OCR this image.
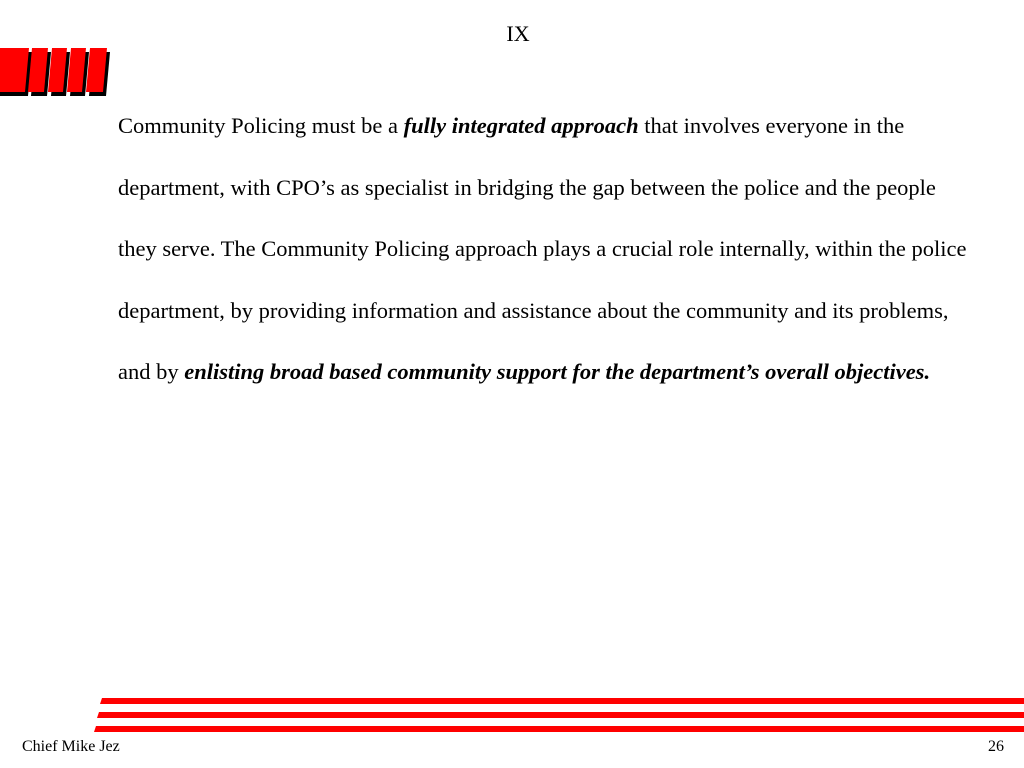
IX
Community Policing must be a fully integrated approach that involves everyone in the department, with CPO’s as specialist in bridging the gap between the police and the people they serve. The Community Policing approach plays a crucial role internally, within the police department, by providing information and assistance about the community and its problems, and by enlisting broad based community support for the department’s overall objectives.
Chief Mike Jez	26
